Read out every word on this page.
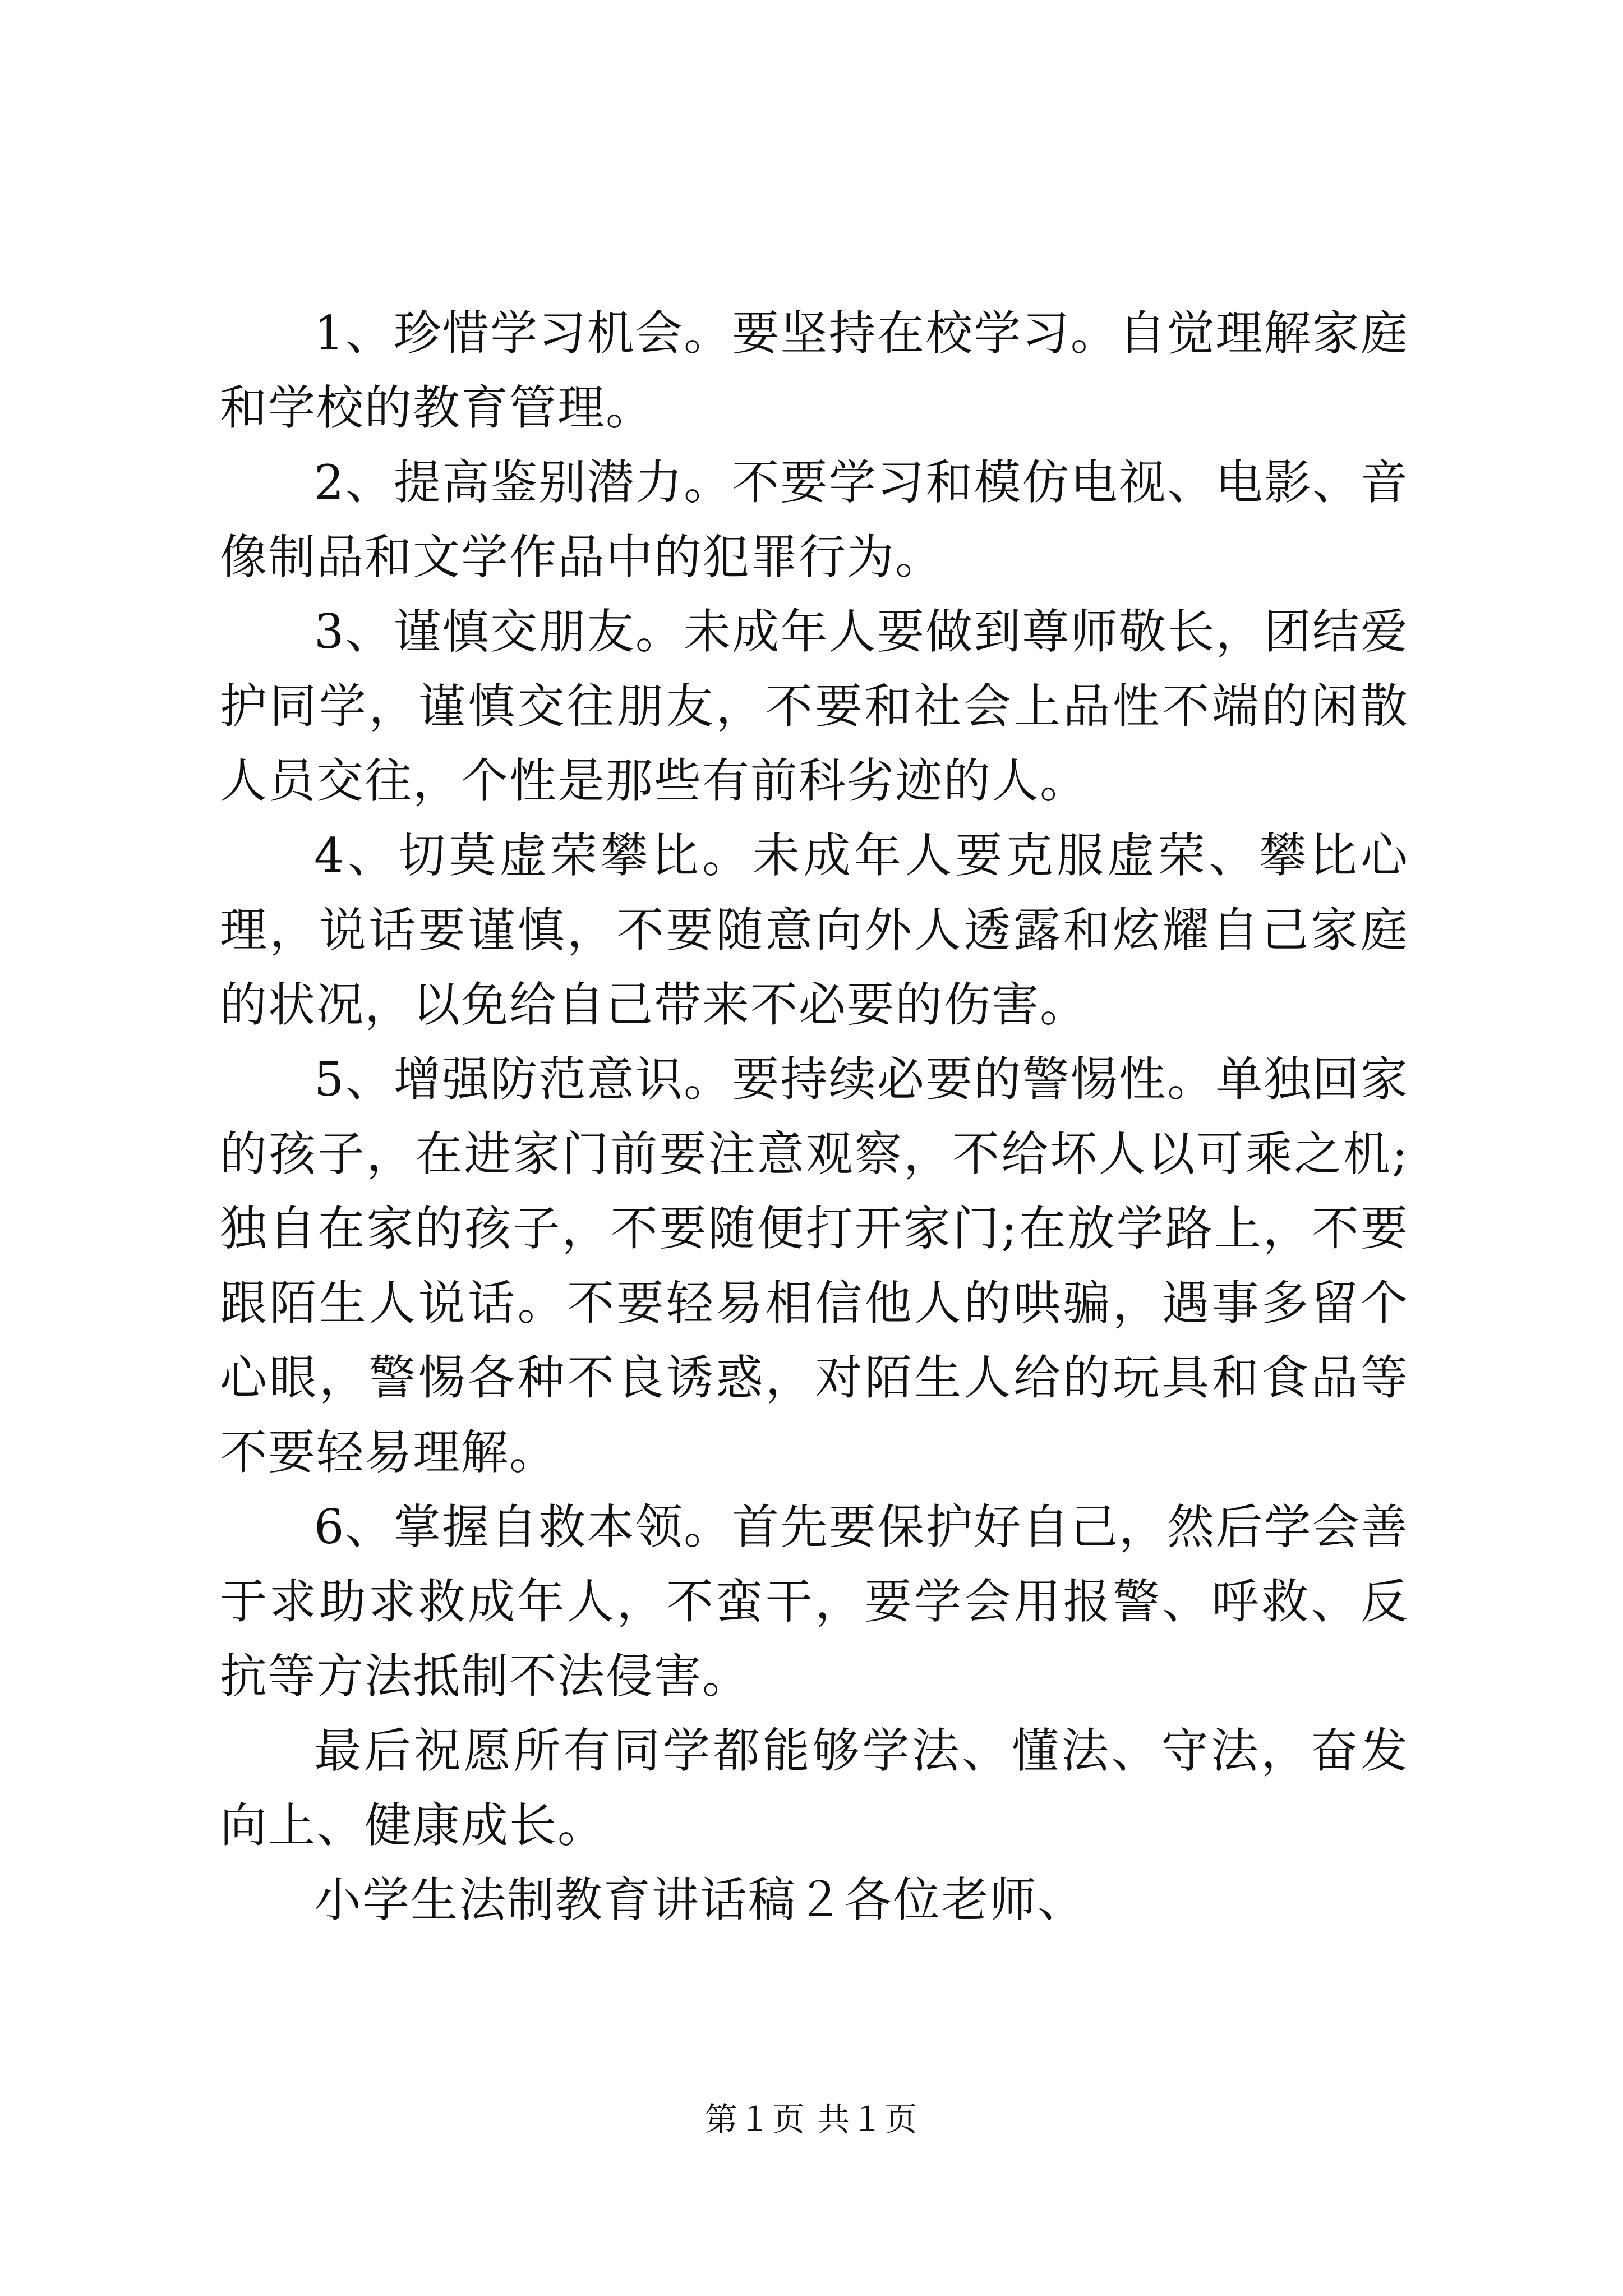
1、珍惜学习机会。要坚持在校学习。自觉理解家庭和学校的教育管理。

2、提高鉴别潜力。不要学习和模仿电视、电影、音像制品和文学作品中的犯罪行为。

3、谨慎交朋友。未成年人要做到尊师敬长，团结爱护同学，谨慎交往朋友，不要和社会上品性不端的闲散人员交往，个性是那些有前科劣迹的人。

4、切莫虚荣攀比。未成年人要克服虚荣、攀比心理，说话要谨慎，不要随意向外人透露和炫耀自己家庭的状况，以免给自己带来不必要的伤害。

5、增强防范意识。要持续必要的警惕性。单独回家的孩子，在进家门前要注意观察，不给坏人以可乘之机;独自在家的孩子，不要随便打开家门;在放学路上，不要跟陌生人说话。不要轻易相信他人的哄骗，遇事多留个心眼，警惕各种不良诱惑，对陌生人给的玩具和食品等不要轻易理解。

6、掌握自救本领。首先要保护好自己，然后学会善于求助求救成年人，不蛮干，要学会用报警、呼救、反抗等方法抵制不法侵害。

最后祝愿所有同学都能够学法、懂法、守法，奋发向上、健康成长。

小学生法制教育讲话稿２各位老师、

第１页 共１页
